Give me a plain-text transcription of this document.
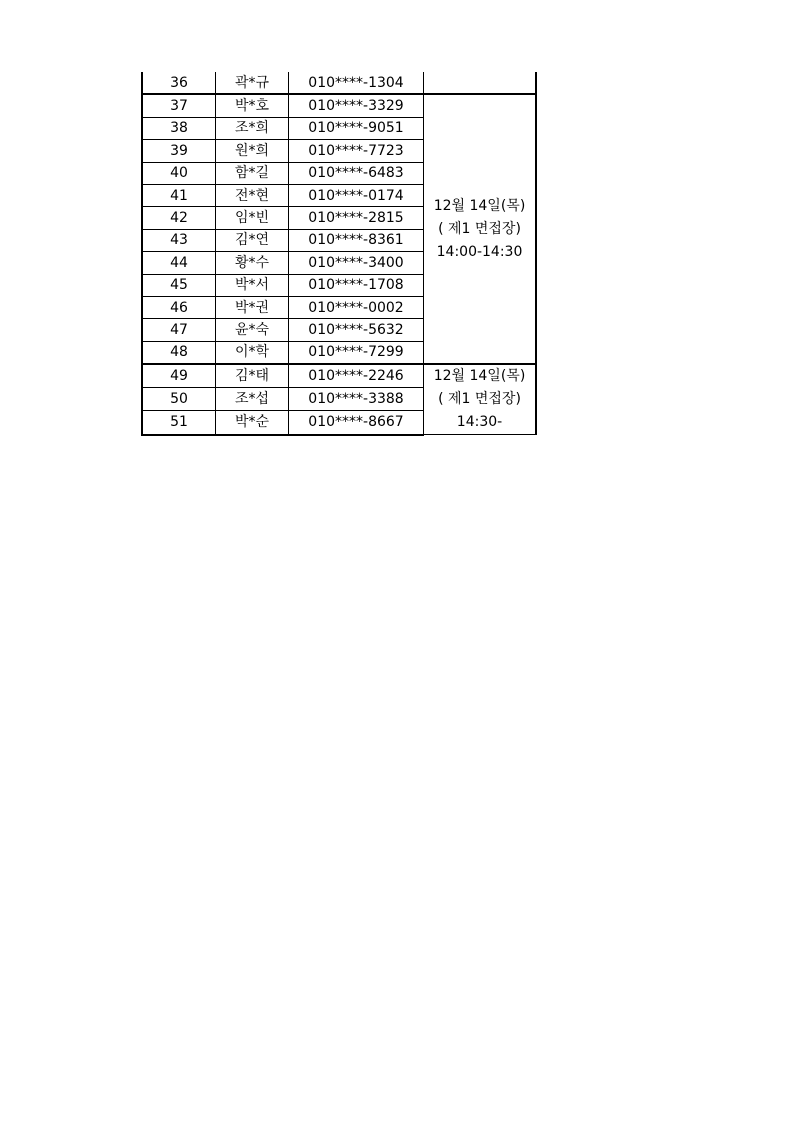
36	곽*규	010****-1304	
37	박*호	010****-3329	12월 14일(목)
( 제1 면접장)
14:00-14:30

38	조*희	010****-9051	
39	원*희	010****-7723	
40	함*길	010****-6483	
41	전*현	010****-0174	
42	임*빈	010****-2815	
43	김*연	010****-8361	
44	황*수	010****-3400	
45	박*서	010****-1708	
46	박*권	010****-0002	
47	윤*숙	010****-5632	
48	이*학	010****-7299	
49	김*태	010****-2246	12월 14일(목)
( 제1 면접장)
14:30-

50	조*섭	010****-3388	
51	박*순	010****-8667	
